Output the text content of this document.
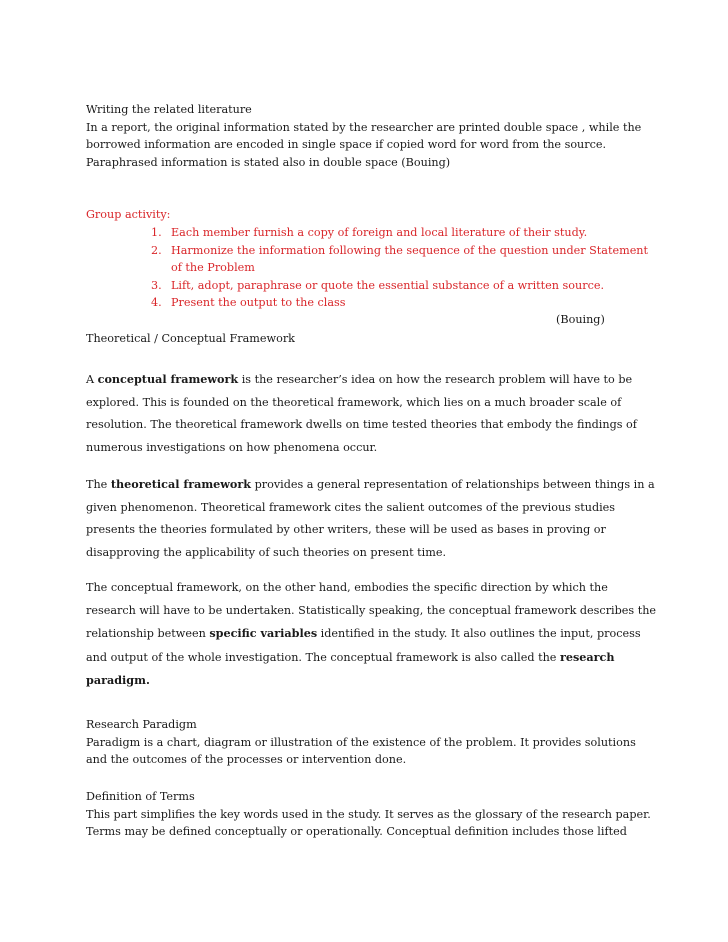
Writing the related literature
In a report, the original information stated by the researcher are printed double space , while the
borrowed information are encoded in single space if copied word for word from the source.
Paraphrased information is stated also in double space (Bouing)
Group activity:
1. Each member furnish a copy of foreign and local literature of their study.
2. Harmonize the information following the sequence of the question under Statement
of the Problem
3. Lift, adopt, paraphrase or quote the essential substance of a written source.
4. Present the output to the class
(Bouing)
Theoretical / Conceptual Framework
A conceptual framework is the researcher’s idea on how the research problem will have to be
explored. This is founded on the theoretical framework, which lies on a much broader scale of
resolution. The theoretical framework dwells on time tested theories that embody the findings of
numerous investigations on how phenomena occur.
The theoretical framework provides a general representation of relationships between things in a
given phenomenon. Theoretical framework cites the salient outcomes of the previous studies
presents the theories formulated by other writers, these will be used as bases in proving or
disapproving the applicability of such theories on present time.
The conceptual framework, on the other hand, embodies the specific direction by which the
research will have to be undertaken. Statistically speaking, the conceptual framework describes the
relationship between specific variables identified in the study. It also outlines the input, process
and output of the whole investigation. The conceptual framework is also called the research
paradigm.
Research Paradigm
Paradigm is a chart, diagram or illustration of the existence of the problem. It provides solutions
and the outcomes of the processes or intervention done.
Definition of Terms
This part simplifies the key words used in the study. It serves as the glossary of the research paper.
Terms may be defined conceptually or operationally. Conceptual definition includes those lifted
